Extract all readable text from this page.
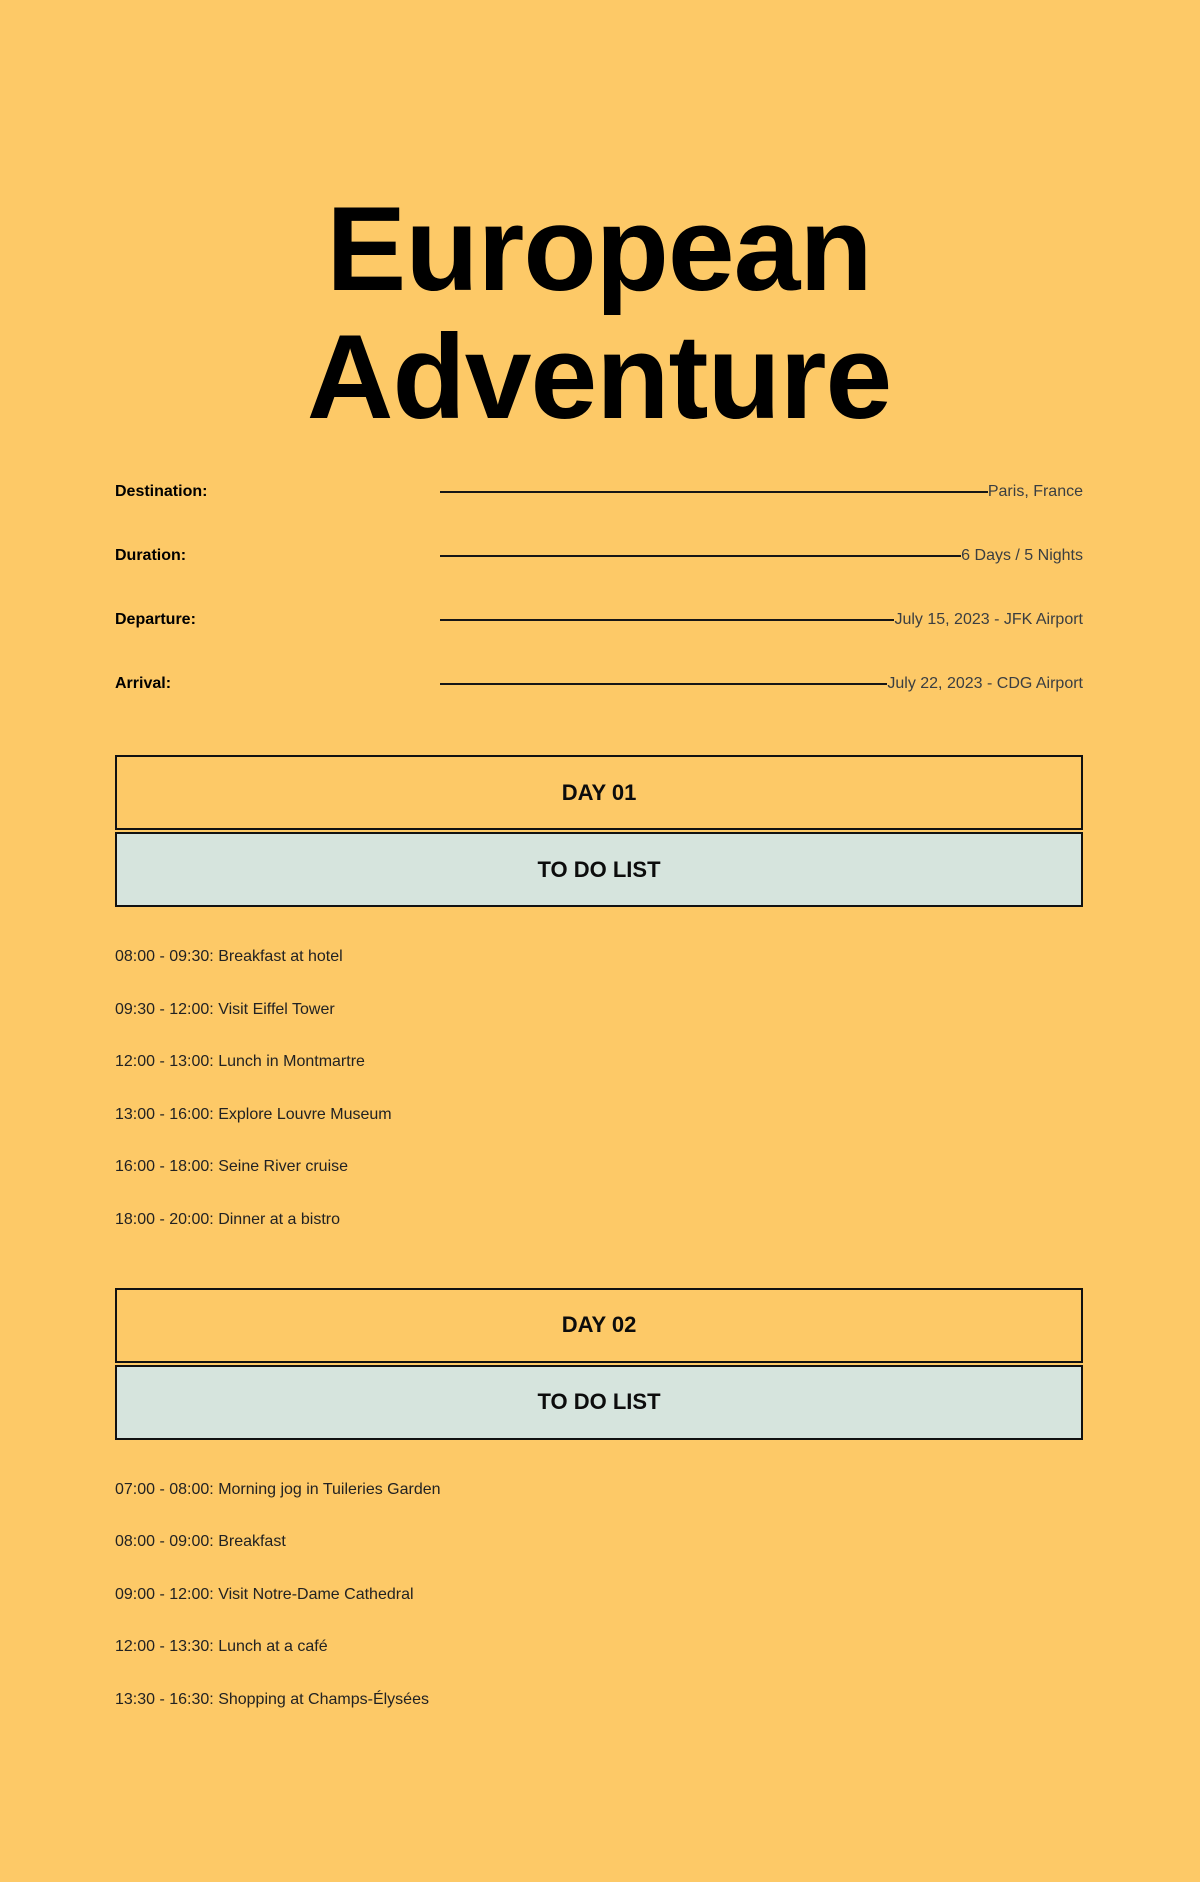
European
Adventure
Destination:	Paris, France
Duration:	6 Days / 5 Nights
Departure:	July 15, 2023 - JFK Airport
Arrival:	July 22, 2023 - CDG Airport
DAY 01
TO DO LIST
08:00 - 09:30: Breakfast at hotel
09:30 - 12:00: Visit Eiffel Tower
12:00 - 13:00: Lunch in Montmartre
13:00 - 16:00: Explore Louvre Museum
16:00 - 18:00: Seine River cruise
18:00 - 20:00: Dinner at a bistro
DAY 02
TO DO LIST
07:00 - 08:00: Morning jog in Tuileries Garden
08:00 - 09:00: Breakfast
09:00 - 12:00: Visit Notre-Dame Cathedral
12:00 - 13:30: Lunch at a café
13:30 - 16:30: Shopping at Champs-Élysées
